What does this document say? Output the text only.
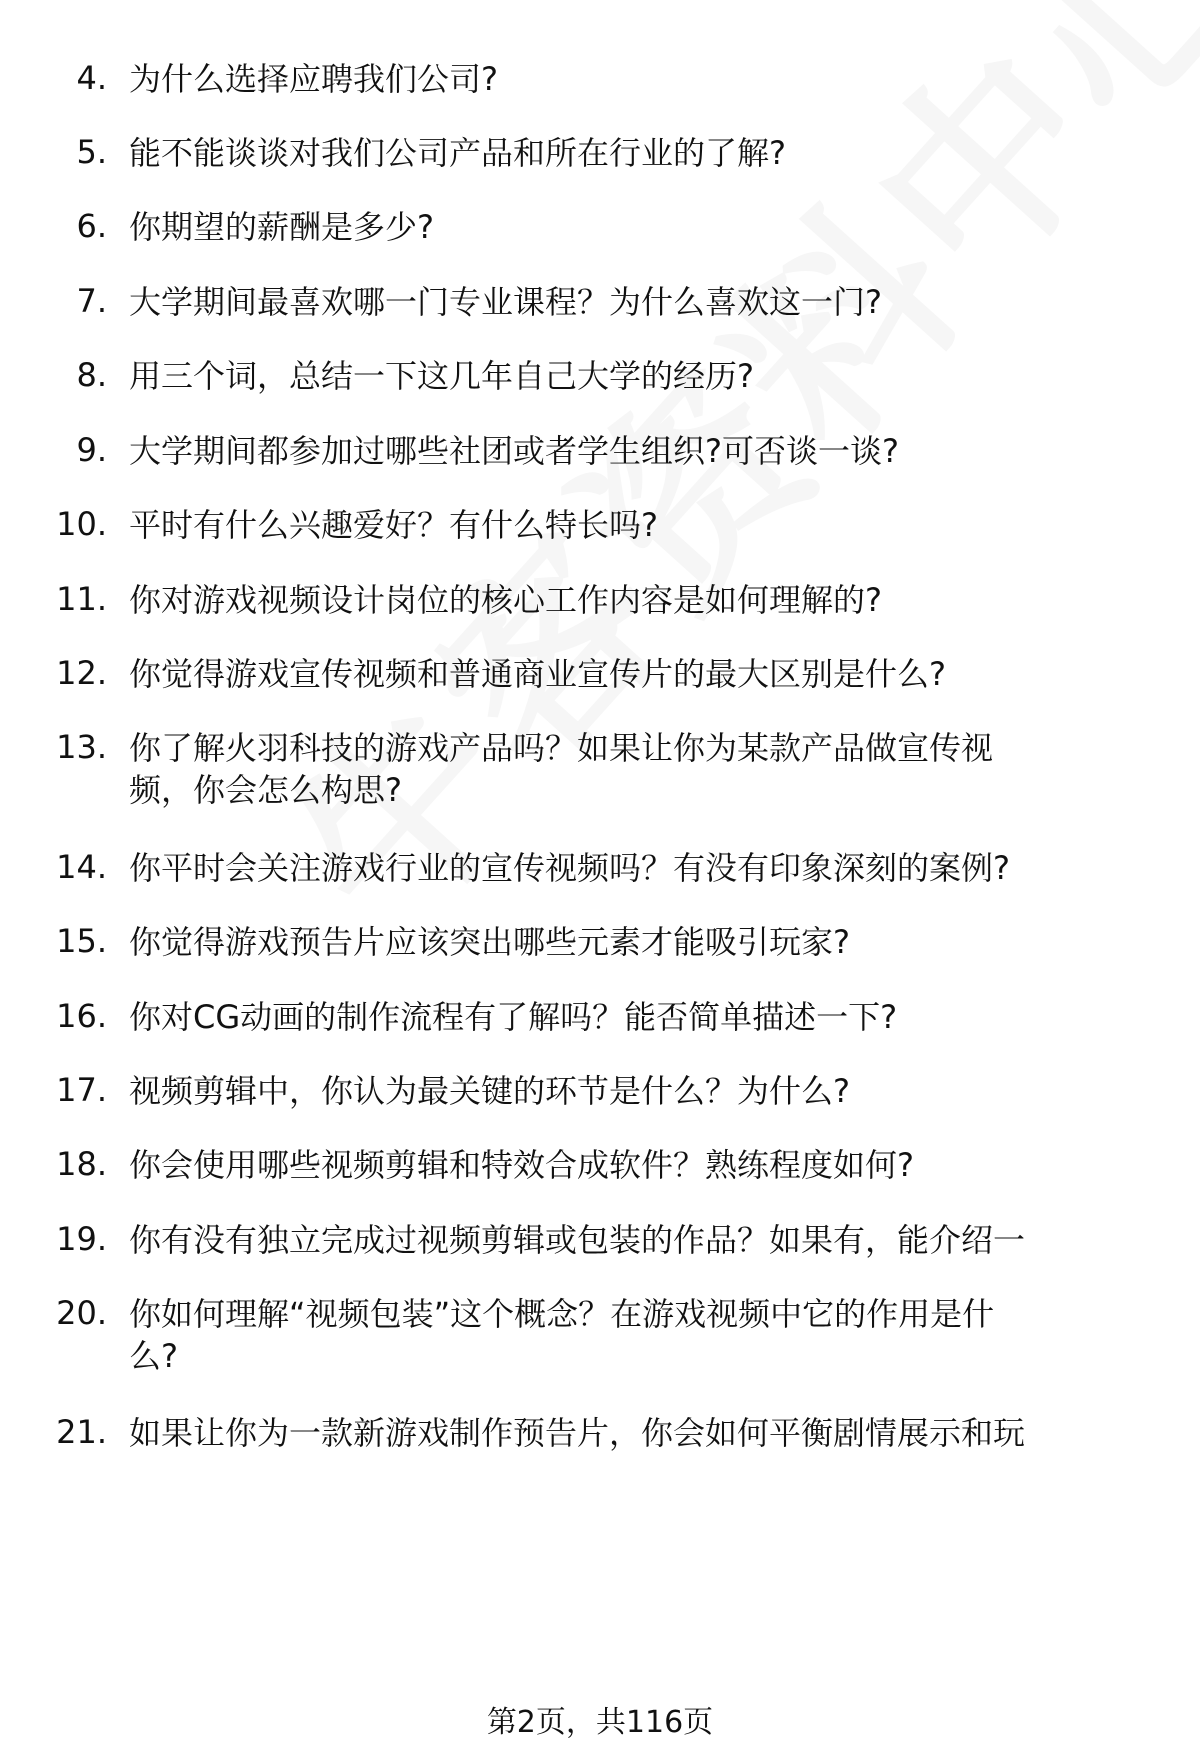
4. 为什么选择应聘我们公司?
5. 能不能谈谈对我们公司产品和所在行业的了解?
6. 你期望的薪酬是多少?
7. 大学期间最喜欢哪一门专业课程？为什么喜欢这一门?
8. 用三个词，总结一下这几年自己大学的经历?
9. 大学期间都参加过哪些社团或者学生组织?可否谈一谈?
10. 平时有什么兴趣爱好？有什么特长吗?
11. 你对游戏视频设计岗位的核心工作内容是如何理解的?
12. 你觉得游戏宣传视频和普通商业宣传片的最大区别是什么?
13. 你了解火羽科技的游戏产品吗？如果让你为某款产品做宣传视
频，你会怎么构思?
14. 你平时会关注游戏行业的宣传视频吗？有没有印象深刻的案例?
15. 你觉得游戏预告片应该突出哪些元素才能吸引玩家?
16. 你对CG动画的制作流程有了解吗？能否简单描述一下?
17. 视频剪辑中，你认为最关键的环节是什么？为什么?
18. 你会使用哪些视频剪辑和特效合成软件？熟练程度如何?
19. 你有没有独立完成过视频剪辑或包装的作品？如果有，能介绍一
20. 你如何理解“视频包装”这个概念？在游戏视频中它的作用是什
么?
21. 如果让你为一款新游戏制作预告片，你会如何平衡剧情展示和玩
第2页，共116页
